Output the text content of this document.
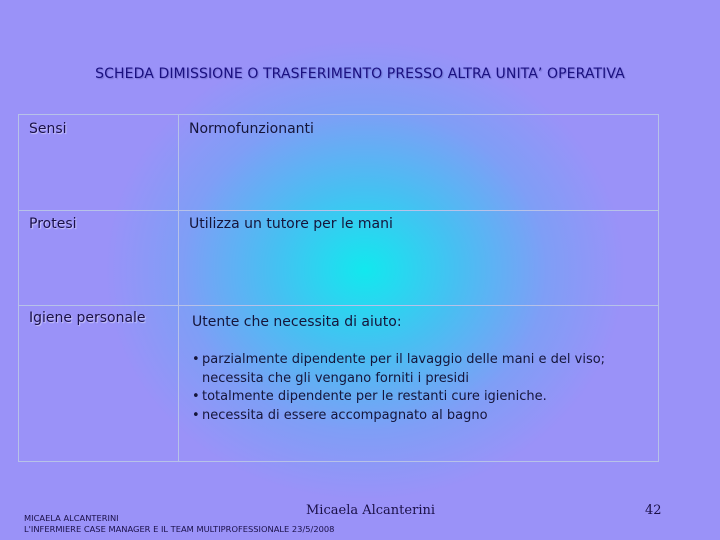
SCHEDA DIMISSIONE O TRASFERIMENTO PRESSO ALTRA UNITA’ OPERATIVA
Sensi	Normofunzionanti
Protesi	Utilizza un tutore per le mani
Igiene personale	Utente che necessita di aiuto:
• parzialmente dipendente per il lavaggio delle mani e del viso;
necessita che gli vengano forniti i presidi
• totalmente dipendente per le restanti cure igieniche.
• necessita di essere accompagnato al bagno
Micaela Alcanterini	42
MICAELA ALCANTERINI
L'INFERMIERE CASE MANAGER E IL TEAM MULTIPROFESSIONALE 23/5/2008
